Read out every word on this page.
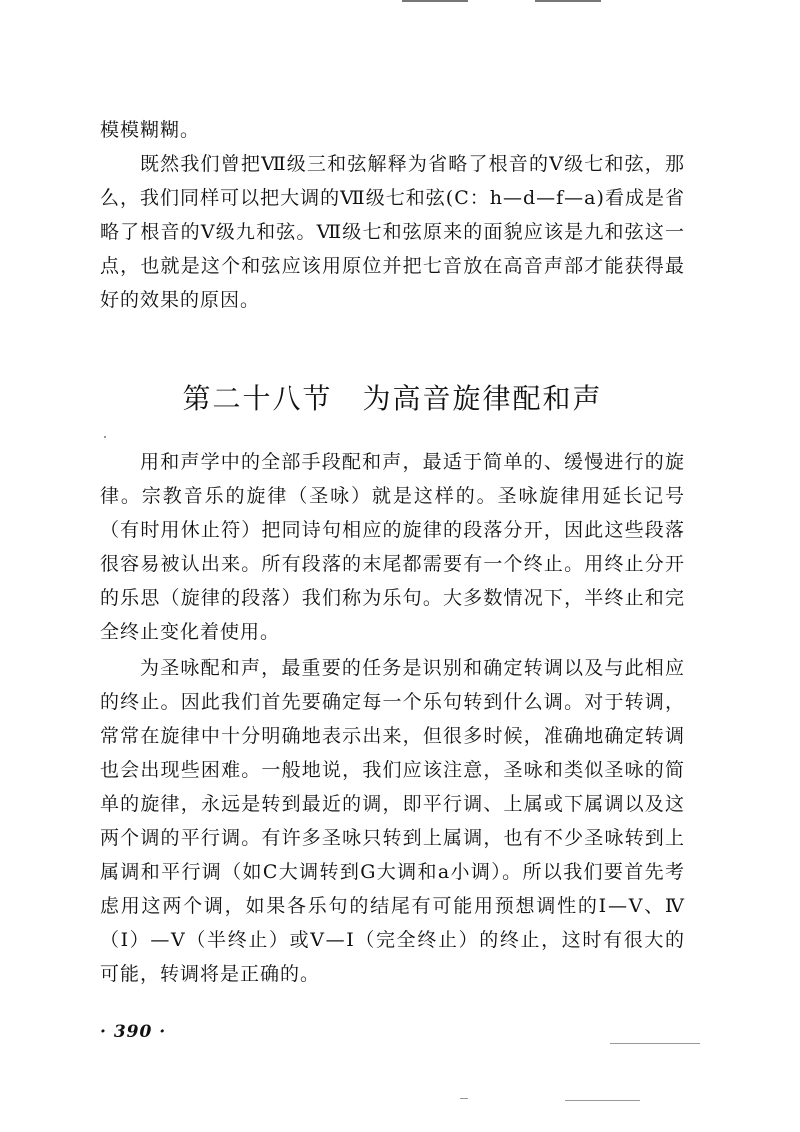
模模糊糊。

既然我们曾把Ⅶ级三和弦解释为省略了根音的Ⅴ级七和弦，那么，我们同样可以把大调的Ⅶ级七和弦(C：h—d—f—a)看成是省略了根音的Ⅴ级九和弦。Ⅶ级七和弦原来的面貌应该是九和弦这一点，也就是这个和弦应该用原位并把七音放在高音声部才能获得最好的效果的原因。

第二十八节 为高音旋律配和声

用和声学中的全部手段配和声，最适于简单的、缓慢进行的旋律。宗教音乐的旋律（圣咏）就是这样的。圣咏旋律用延长记号（有时用休止符）把同诗句相应的旋律的段落分开，因此这些段落很容易被认出来。所有段落的末尾都需要有一个终止。用终止分开的乐思（旋律的段落）我们称为乐句。大多数情况下，半终止和完全终止变化着使用。

为圣咏配和声，最重要的任务是识别和确定转调以及与此相应的终止。因此我们首先要确定每一个乐句转到什么调。对于转调，常常在旋律中十分明确地表示出来，但很多时候，准确地确定转调也会出现些困难。一般地说，我们应该注意，圣咏和类似圣咏的简单的旋律，永远是转到最近的调，即平行调、上属或下属调以及这两个调的平行调。有许多圣咏只转到上属调，也有不少圣咏转到上属调和平行调（如C大调转到G大调和a小调）。所以我们要首先考虑用这两个调，如果各乐句的结尾有可能用预想调性的Ⅰ—Ⅴ、Ⅳ（Ⅰ）—Ⅴ（半终止）或Ⅴ—Ⅰ（完全终止）的终止，这时有很大的可能，转调将是正确的。

· 390 ·
